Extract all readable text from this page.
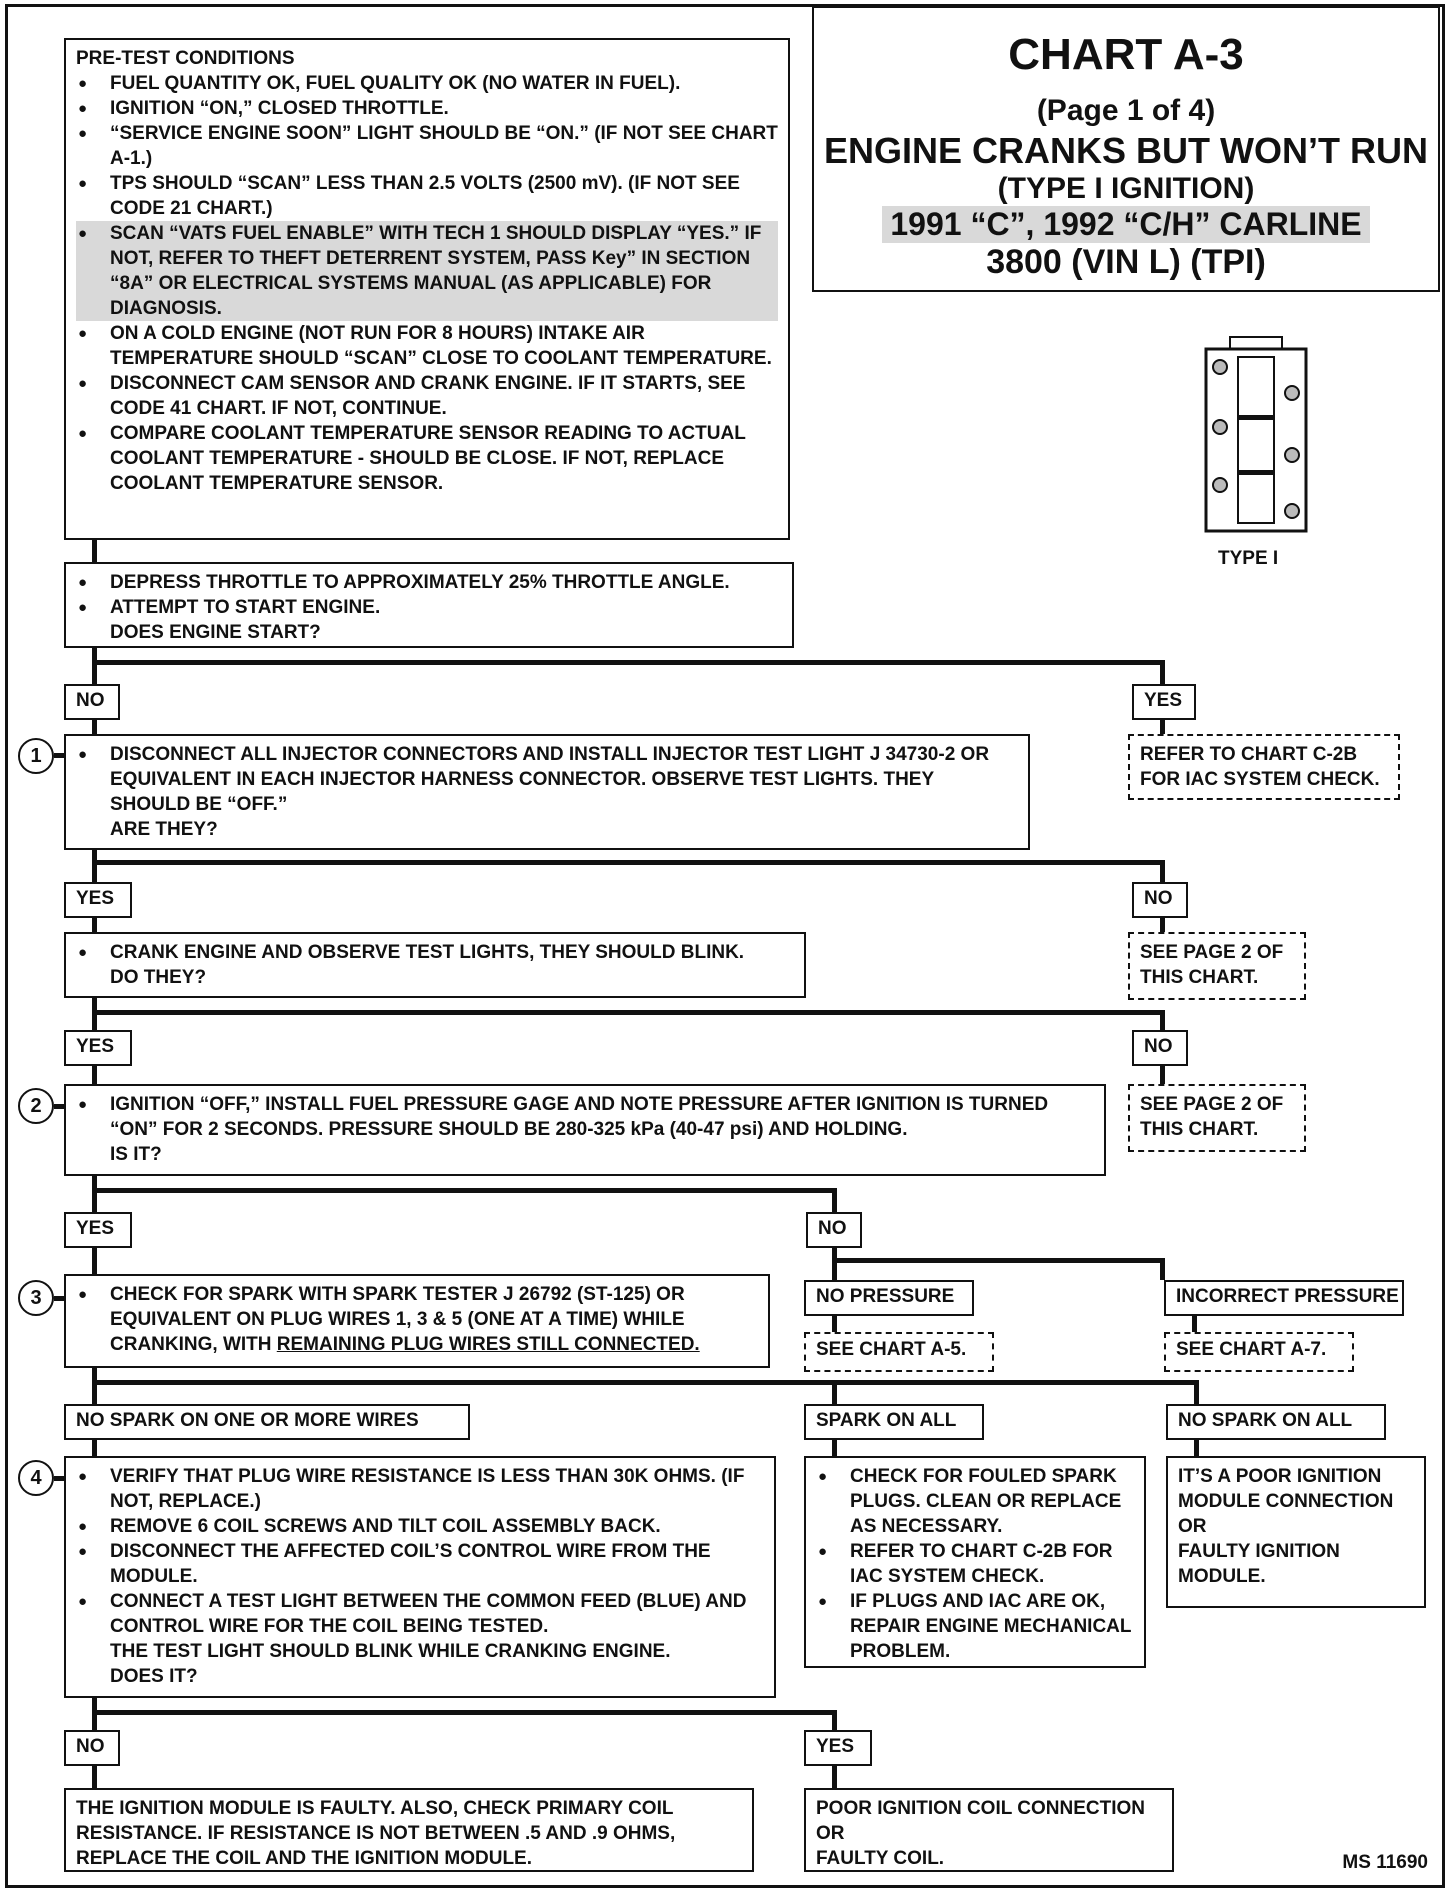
CHART A-3
(Page 1 of 4)
ENGINE CRANKS BUT WON’T RUN
(TYPE I IGNITION)
1991 “C”, 1992 “C/H” CARLINE
3800 (VIN L) (TPI)
TYPE I
PRE-TEST CONDITIONS
● FUEL QUANTITY OK, FUEL QUALITY OK (NO WATER IN FUEL).
● IGNITION “ON,” CLOSED THROTTLE.
● “SERVICE ENGINE SOON” LIGHT SHOULD BE “ON.” (IF NOT SEE CHART A-1.)
● TPS SHOULD “SCAN” LESS THAN 2.5 VOLTS (2500 mV). (IF NOT SEE CODE 21 CHART.)
● SCAN “VATS FUEL ENABLE” WITH TECH 1 SHOULD DISPLAY “YES.” IF NOT, REFER TO THEFT DETERRENT SYSTEM, PASS Key” IN SECTION “8A” OR ELECTRICAL SYSTEMS MANUAL (AS APPLICABLE) FOR DIAGNOSIS.
● ON A COLD ENGINE (NOT RUN FOR 8 HOURS) INTAKE AIR TEMPERATURE SHOULD “SCAN” CLOSE TO COOLANT TEMPERATURE.
● DISCONNECT CAM SENSOR AND CRANK ENGINE. IF IT STARTS, SEE CODE 41 CHART. IF NOT, CONTINUE.
● COMPARE COOLANT TEMPERATURE SENSOR READING TO ACTUAL COOLANT TEMPERATURE - SHOULD BE CLOSE. IF NOT, REPLACE COOLANT TEMPERATURE SENSOR.
● DEPRESS THROTTLE TO APPROXIMATELY 25% THROTTLE ANGLE.
● ATTEMPT TO START ENGINE.
DOES ENGINE START?
NO	YES
1	● DISCONNECT ALL INJECTOR CONNECTORS AND INSTALL INJECTOR TEST LIGHT J 34730-2 OR EQUIVALENT IN EACH INJECTOR HARNESS CONNECTOR. OBSERVE TEST LIGHTS. THEY SHOULD BE “OFF.”
ARE THEY?
REFER TO CHART C-2B FOR IAC SYSTEM CHECK.
YES	NO
● CRANK ENGINE AND OBSERVE TEST LIGHTS, THEY SHOULD BLINK.
DO THEY?
SEE PAGE 2 OF THIS CHART.
YES	NO
2	● IGNITION “OFF,” INSTALL FUEL PRESSURE GAGE AND NOTE PRESSURE AFTER IGNITION IS TURNED “ON” FOR 2 SECONDS. PRESSURE SHOULD BE 280-325 kPa (40-47 psi) AND HOLDING.
IS IT?
SEE PAGE 2 OF THIS CHART.
YES	NO
3	● CHECK FOR SPARK WITH SPARK TESTER J 26792 (ST-125) OR EQUIVALENT ON PLUG WIRES 1, 3 & 5 (ONE AT A TIME) WHILE CRANKING, WITH REMAINING PLUG WIRES STILL CONNECTED.
NO PRESSURE	INCORRECT PRESSURE
SEE CHART A-5.	SEE CHART A-7.
NO SPARK ON ONE OR MORE WIRES	SPARK ON ALL	NO SPARK ON ALL
4	● VERIFY THAT PLUG WIRE RESISTANCE IS LESS THAN 30K OHMS. (IF NOT, REPLACE.)
● REMOVE 6 COIL SCREWS AND TILT COIL ASSEMBLY BACK.
● DISCONNECT THE AFFECTED COIL’S CONTROL WIRE FROM THE MODULE.
● CONNECT A TEST LIGHT BETWEEN THE COMMON FEED (BLUE) AND CONTROL WIRE FOR THE COIL BEING TESTED.
THE TEST LIGHT SHOULD BLINK WHILE CRANKING ENGINE.
DOES IT?
● CHECK FOR FOULED SPARK PLUGS. CLEAN OR REPLACE AS NECESSARY.
● REFER TO CHART C-2B FOR IAC SYSTEM CHECK.
● IF PLUGS AND IAC ARE OK, REPAIR ENGINE MECHANICAL PROBLEM.
IT’S A POOR IGNITION MODULE CONNECTION
OR
FAULTY IGNITION MODULE.
NO	YES
THE IGNITION MODULE IS FAULTY. ALSO, CHECK PRIMARY COIL RESISTANCE. IF RESISTANCE IS NOT BETWEEN .5 AND .9 OHMS, REPLACE THE COIL AND THE IGNITION MODULE.
POOR IGNITION COIL CONNECTION
OR
FAULTY COIL.	MS 11690
